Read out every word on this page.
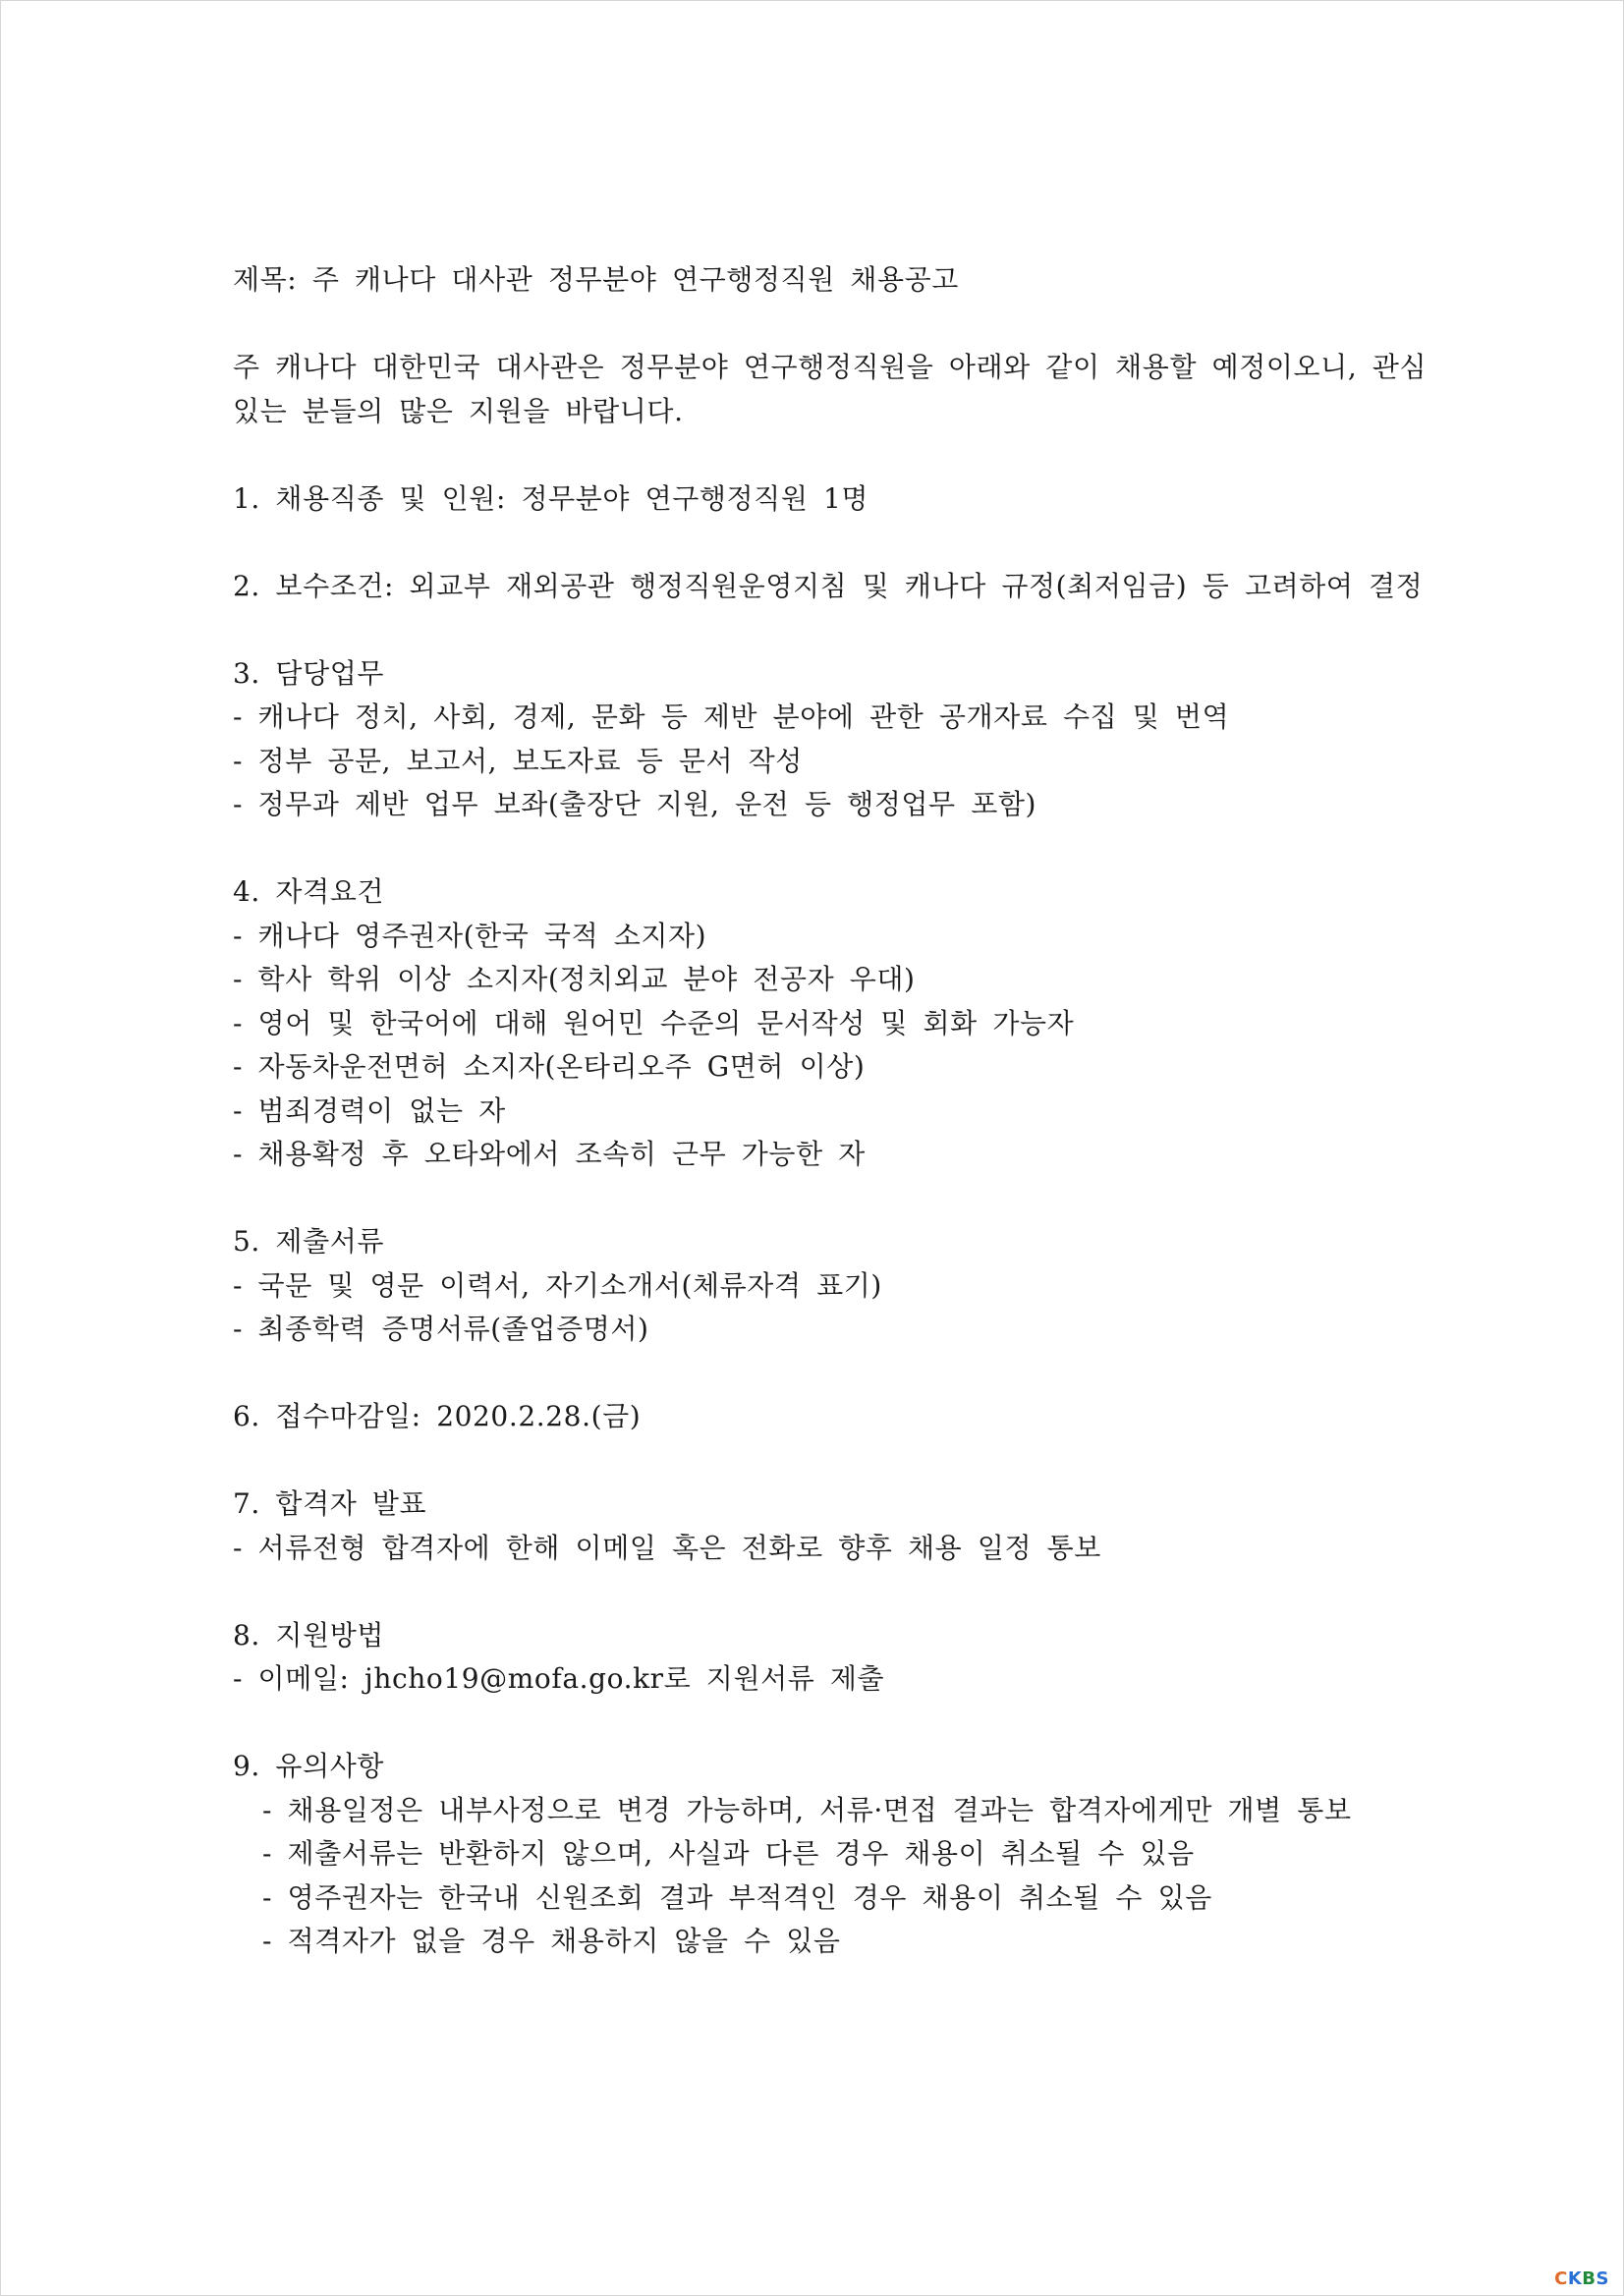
제목: 주 캐나다 대사관 정무분야 연구행정직원 채용공고
주 캐나다 대한민국 대사관은 정무분야 연구행정직원을 아래와 같이 채용할 예정이오니, 관심
있는 분들의 많은 지원을 바랍니다.
1. 채용직종 및 인원: 정무분야 연구행정직원 1명
2. 보수조건: 외교부 재외공관 행정직원운영지침 및 캐나다 규정(최저임금) 등 고려하여 결정
3. 담당업무
- 캐나다 정치, 사회, 경제, 문화 등 제반 분야에 관한 공개자료 수집 및 번역
- 정부 공문, 보고서, 보도자료 등 문서 작성
- 정무과 제반 업무 보좌(출장단 지원, 운전 등 행정업무 포함)
4. 자격요건
- 캐나다 영주권자(한국 국적 소지자)
- 학사 학위 이상 소지자(정치외교 분야 전공자 우대)
- 영어 및 한국어에 대해 원어민 수준의 문서작성 및 회화 가능자
- 자동차운전면허 소지자(온타리오주 G면허 이상)
- 범죄경력이 없는 자
- 채용확정 후 오타와에서 조속히 근무 가능한 자
5. 제출서류
- 국문 및 영문 이력서, 자기소개서(체류자격 표기)
- 최종학력 증명서류(졸업증명서)
6. 접수마감일: 2020.2.28.(금)
7. 합격자 발표
- 서류전형 합격자에 한해 이메일 혹은 전화로 향후 채용 일정 통보
8. 지원방법
- 이메일: jhcho19@mofa.go.kr로 지원서류 제출
9. 유의사항
- 채용일정은 내부사정으로 변경 가능하며, 서류·면접 결과는 합격자에게만 개별 통보
- 제출서류는 반환하지 않으며, 사실과 다른 경우 채용이 취소될 수 있음
- 영주권자는 한국내 신원조회 결과 부적격인 경우 채용이 취소될 수 있음
- 적격자가 없을 경우 채용하지 않을 수 있음
CKBS
